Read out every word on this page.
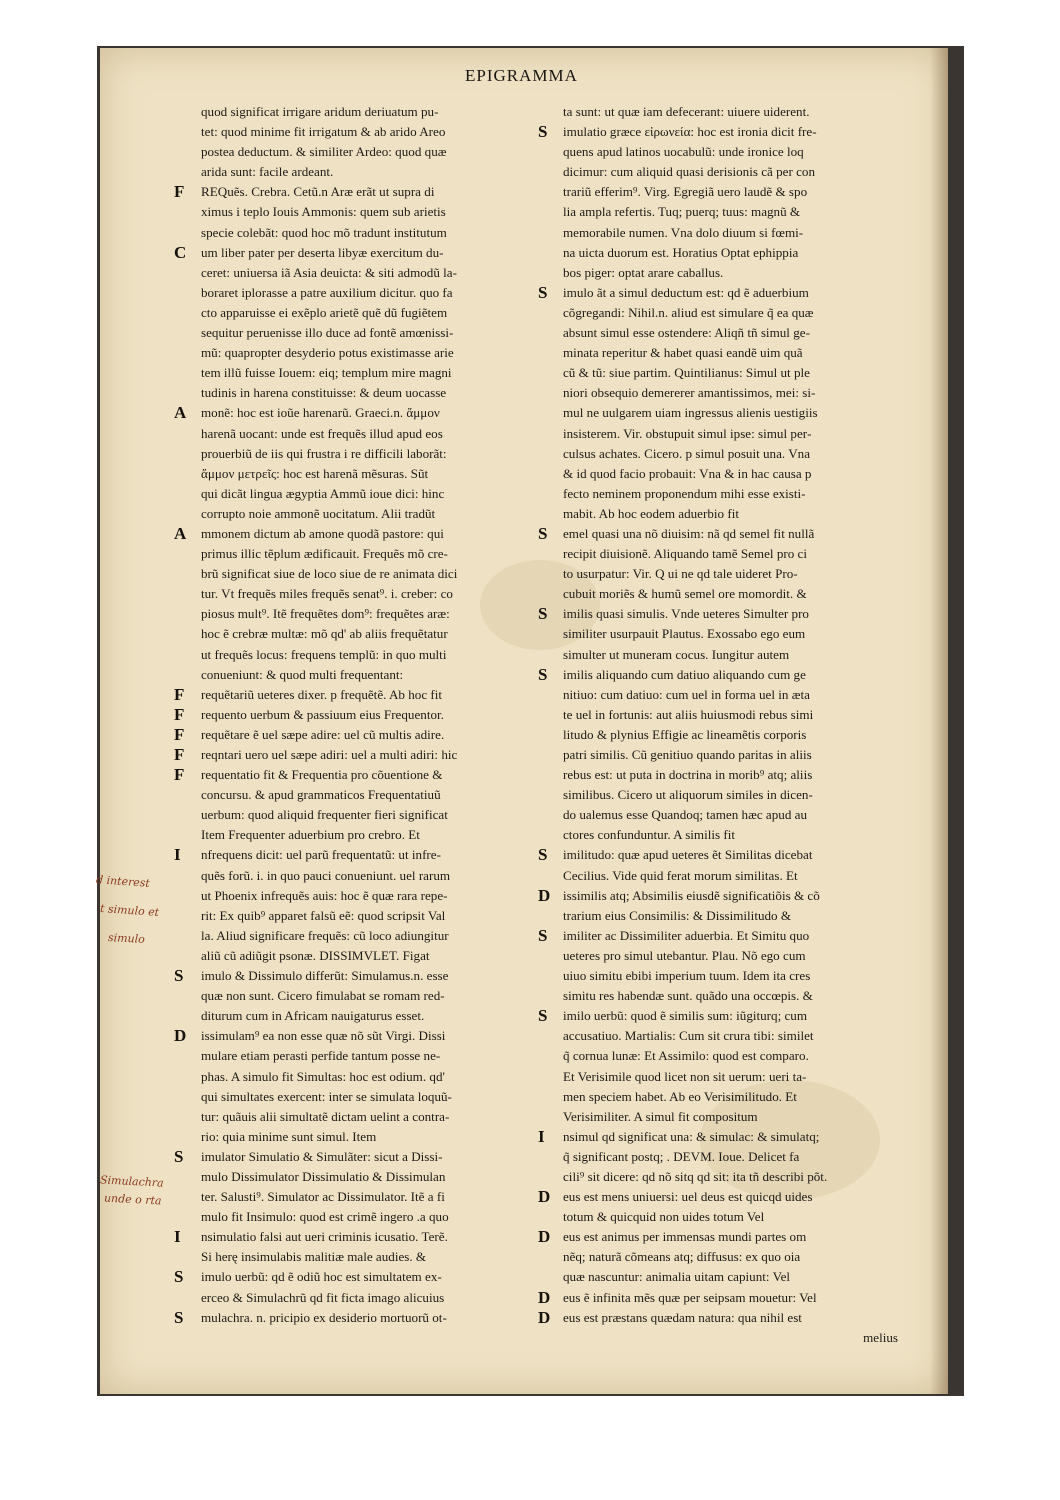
EPIGRAMMA
quod significat irrigare aridum deriuatum pu‑
tet: quod minime fit irrigatum & ab arido Areo
postea deductum. & similiter Ardeo: quod quæ
arida sunt: facile ardeant.
F REQuẽs. Crebra. Cetũ.n Aræ erãt ut supra di
ximus i teplo Iouis Ammonis: quem sub arietis
specie colebãt: quod hoc mõ tradunt institutum
C um liber pater per deserta libyæ exercitum du‑
ceret: uniuersa iã Asia deuicta: & siti admodũ la‑
boraret iplorasse a patre auxilium dicitur. quo fa
cto apparuisse ei exẽplo arietẽ quẽ dũ fugiẽtem
sequitur peruenisse illo duce ad fontẽ amœnissi‑
mũ: quapropter desyderio potus existimasse arie
tem illũ fuisse Iouem: eiq; templum mire magni
tudinis in harena constituisse: & deum uocasse
A monẽ: hoc est ioũe harenarũ. Graeci.n. ἄμμον
harenã uocant: unde est frequẽs illud apud eos
prouerbiũ de iis qui frustra i re difficili laborãt:
ἄμμον μετρεῖς: hoc est harenã mẽsuras. Sũt
qui dicãt lingua ægyptia Ammũ ioue dici: hinc
corrupto noie ammonẽ uocitatum. Alii tradũt
A mmonem dictum ab amone quodã pastore: qui
primus illic tẽplum ædificauit. Frequẽs mõ cre‑
brũ significat siue de loco siue de re animata dici
tur. Vt frequẽs miles frequẽs senat⁹. i. creber: co
piosus mult⁹. Itẽ frequẽtes dom⁹: frequẽtes aræ:
hoc ẽ crebræ multæ: mõ qd' ab aliis frequẽtatur
ut frequẽs locus: frequens templũ: in quo multi
conueniunt: & quod multi frequentant:
F requẽtariũ ueteres dixer. p frequẽtẽ. Ab hoc fit
F requento uerbum & passiuum eius Frequentor.
F requẽtare ẽ uel sæpe adire: uel cũ multis adire.
F reqntari uero uel sæpe adiri: uel a multi adiri: hic
F requentatio fit & Frequentia pro cõuentione &
concursu. & apud grammaticos Frequentatiuũ
uerbum: quod aliquid frequenter fieri significat
Item Frequenter aduerbium pro crebro. Et
I nfrequens dicit: uel parũ frequentatũ: ut infre‑
quẽs forũ. i. in quo pauci conueniunt. uel rarum
ut Phoenix infrequẽs auis: hoc ẽ quæ rara repe‑
rit: Ex quib⁹ apparet falsũ eẽ: quod scripsit Val
la. Aliud significare frequẽs: cũ loco adiungitur
aliũ cũ adiũgit psonæ. DISSIMVLET. Figat
S imulo & Dissimulo differũt: Simulamus.n. esse
quæ non sunt. Cicero fimulabat se romam red‑
diturum cum in Africam nauigaturus esset.
D issimulam⁹ ea non esse quæ nõ sũt Virgi. Dissi
mulare etiam perasti perfide tantum posse ne‑
phas. A simulo fit Simultas: hoc est odium. qd'
qui simultates exercent: inter se simulata loquũ‑
tur: quãuis alii simultatẽ dictam uelint a contra‑
rio: quia minime sunt simul. Item
S imulator Simulatio & Simulãter: sicut a Dissi‑
mulo Dissimulator Dissimulatio & Dissimulan
ter. Salusti⁹. Simulator ac Dissimulator. Itẽ a fi
mulo fit Insimulo: quod est crimẽ ingero .a quo
I nsimulatio falsi aut ueri criminis icusatio. Terẽ.
Si herę insimulabis malitiæ male audies. &
S imulo uerbũ: qd ẽ odiũ hoc est simultatem ex‑
erceo & Simulachrũ qd fit ficta imago alicuius
S mulachra. n. pricipio ex desiderio mortuorũ ot‑
ta sunt: ut quæ iam defecerant: uiuere uiderent.
S imulatio græce εἰρωνεία: hoc est ironia dicit fre‑
quens apud latinos uocabulũ: unde ironice loq
dicimur: cum aliquid quasi derisionis cã per con
trariũ efferim⁹. Virg. Egregiã uero laudẽ & spo
lia ampla refertis. Tuq; puerq; tuus: magnũ &
memorabile numen. Vna dolo diuum si fœmi‑
na uicta duorum est. Horatius Optat ephippia
bos piger: optat arare caballus.
S imulo ãt a simul deductum est: qd ẽ aduerbium
cõgregandi: Nihil.n. aliud est simulare q̃ ea quæ
absunt simul esse ostendere: Aliqñ tñ simul ge‑
minata reperitur & habet quasi eandẽ uim quã
cũ & tũ: siue partim. Quintilianus: Simul ut ple
niori obsequio demererer amantissimos, mei: si‑
mul ne uulgarem uiam ingressus alienis uestigiis
insisterem. Vir. obstupuit simul ipse: simul per‑
culsus achates. Cicero. p simul posuit una. Vna
& id quod facio probauit: Vna & in hac causa p
fecto neminem proponendum mihi esse existi‑
mabit. Ab hoc eodem aduerbio fit
S emel quasi una nõ diuisim: nã qd semel fit nullã
recipit diuisionẽ. Aliquando tamẽ Semel pro ci
to usurpatur: Vir. Q ui ne qd tale uideret Pro‑
cubuit moriẽs & humũ semel ore momordit. &
S imilis quasi simulis. Vnde ueteres Simulter pro
similiter usurpauit Plautus. Exossabo ego eum
simulter ut muneram cocus. Iungitur autem
S imilis aliquando cum datiuo aliquando cum ge
nitiuo: cum datiuo: cum uel in forma uel in æta
te uel in fortunis: aut aliis huiusmodi rebus simi
litudo & plynius Effigie ac lineamẽtis corporis
patri similis. Cũ genitiuo quando paritas in aliis
rebus est: ut puta in doctrina in morib⁹ atq; aliis
similibus. Cicero ut aliquorum similes in dicen‑
do ualemus esse Quandoq; tamen hæc apud au
ctores confunduntur. A similis fit
S imilitudo: quæ apud ueteres ẽt Similitas dicebat
Cecilius. Vide quid ferat morum similitas. Et
D issimilis atq; Absimilis eiusdẽ significatiõis & cõ
trarium eius Consimilis: & Dissimilitudo &
S imiliter ac Dissimiliter aduerbia. Et Simitu quo
ueteres pro simul utebantur. Plau. Nõ ego cum
uiuo simitu ebibi imperium tuum. Idem ita cres
simitu res habendæ sunt. quãdo una occœpis. &
S imilo uerbũ: quod ẽ similis sum: iũgiturq; cum
accusatiuo. Martialis: Cum sit crura tibi: similet
q̃ cornua lunæ: Et Assimilo: quod est comparo.
Et Verisimile quod licet non sit uerum: ueri ta‑
men speciem habet. Ab eo Verisimilitudo. Et
Verisimiliter. A simul fit compositum
I nsimul qd significat una: & simulac: & simulatq;
q̃ significant postq; . DEVM. Ioue. Delicet fa
cili⁹ sit dicere: qd nõ sitq qd sit: ita tñ describi põt.
D eus est mens uniuersi: uel deus est quicqd uides
totum & quicquid non uides totum Vel
D eus est animus per immensas mundi partes om
nẽq; naturã cõmeans atq; diffusus: ex quo oia
quæ nascuntur: animalia uitam capiunt: Vel
D eus ẽ infinita mẽs quæ per seipsam mouetur: Vel
D eus est præstans quædam natura: qua nihil est
melius
d interest
t simulo et
simulo
Simulachra
unde o rta
